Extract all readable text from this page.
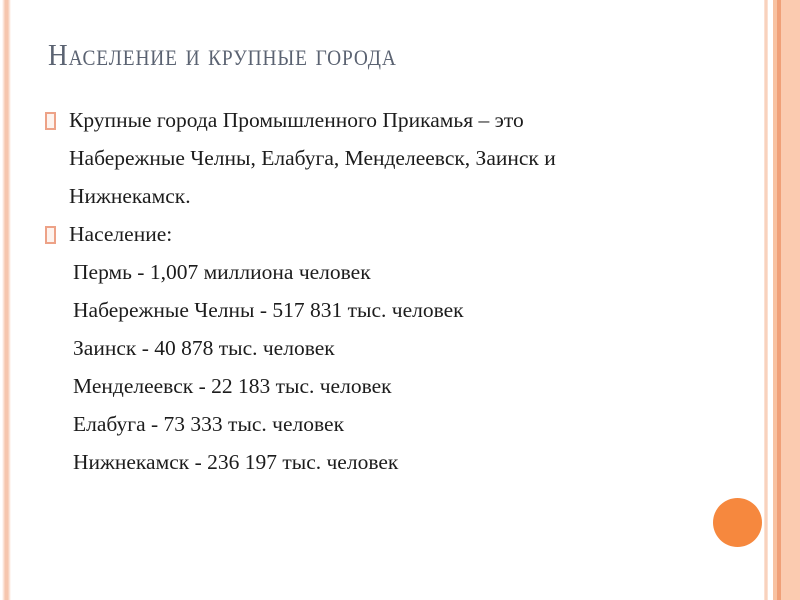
Население и крупные города
Крупные города Промышленного Прикамья – это
Набережные Челны, Елабуга, Менделеевск, Заинск и
Нижнекамск.
Население:
Пермь - 1,007 миллиона человек
Набережные Челны - 517 831 тыс. человек
Заинск - 40 878 тыс. человек
Менделеевск - 22 183 тыс. человек
Елабуга - 73 333 тыс. человек
Нижнекамск - 236 197 тыс. человек
